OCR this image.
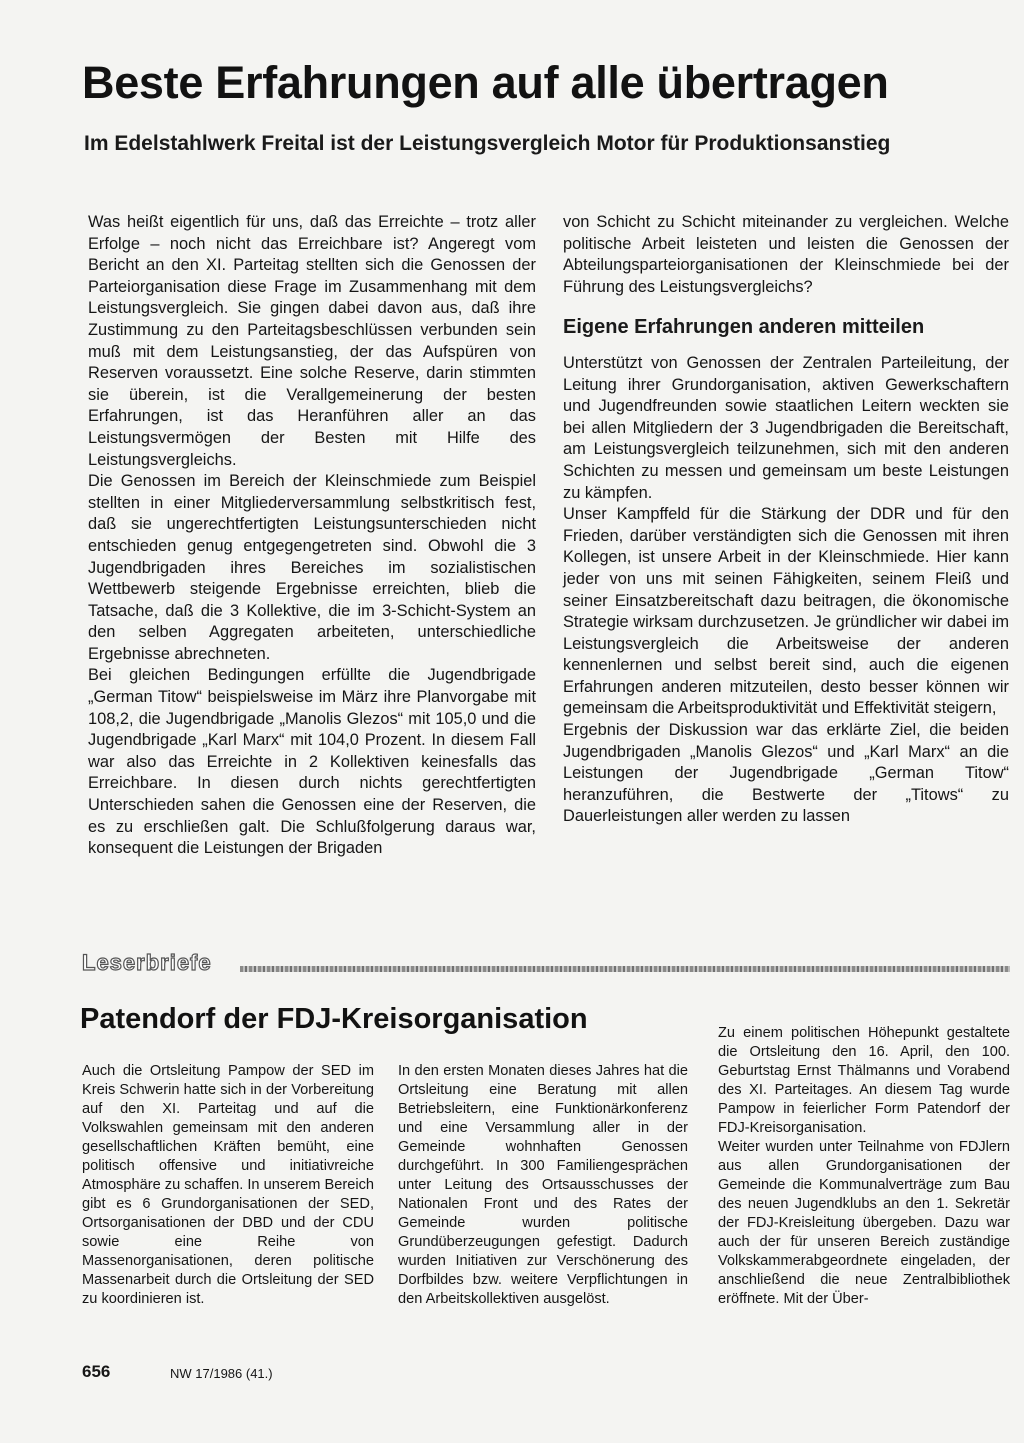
Beste Erfahrungen auf alle übertragen
Im Edelstahlwerk Freital ist der Leistungsvergleich Motor für Produktionsanstieg

Was heißt eigentlich für uns, daß das Erreichte – trotz aller Erfolge – noch nicht das Erreichbare ist? Angeregt vom Bericht an den XI. Parteitag stellten sich die Genossen der Parteiorganisation diese Frage im Zusammenhang mit dem Leistungsvergleich. Sie gingen dabei davon aus, daß ihre Zustimmung zu den Parteitagsbeschlüssen verbunden sein muß mit dem Leistungsanstieg, der das Aufspüren von Reserven voraussetzt. Eine solche Reserve, darin stimmten sie überein, ist die Verallgemeinerung der besten Erfahrungen, ist das Heranführen aller an das Leistungsvermögen der Besten mit Hilfe des Leistungsvergleichs.

Die Genossen im Bereich der Kleinschmiede zum Beispiel stellten in einer Mitgliederversammlung selbstkritisch fest, daß sie ungerechtfertigten Leistungsunterschieden nicht entschieden genug entgegengetreten sind. Obwohl die 3 Jugendbrigaden ihres Bereiches im sozialistischen Wettbewerb steigende Ergebnisse erreichten, blieb die Tatsache, daß die 3 Kollektive, die im 3-Schicht-System an den selben Aggregaten arbeiteten, unterschiedliche Ergebnisse abrechneten.

Bei gleichen Bedingungen erfüllte die Jugendbrigade „German Titow“ beispielsweise im März ihre Planvorgabe mit 108,2, die Jugendbrigade „Manolis Glezos“ mit 105,0 und die Jugendbrigade „Karl Marx“ mit 104,0 Prozent. In diesem Fall war also das Erreichte in 2 Kollektiven keinesfalls das Erreichbare. In diesen durch nichts gerechtfertigten Unterschieden sahen die Genossen eine der Reserven, die es zu erschließen galt. Die Schlußfolgerung daraus war, konsequent die Leistungen der Brigaden

von Schicht zu Schicht miteinander zu vergleichen. Welche politische Arbeit leisteten und leisten die Genossen der Abteilungsparteiorganisationen der Kleinschmiede bei der Führung des Leistungsvergleichs?

Eigene Erfahrungen anderen mitteilen

Unterstützt von Genossen der Zentralen Parteileitung, der Leitung ihrer Grundorganisation, aktiven Gewerkschaftern und Jugendfreunden sowie staatlichen Leitern weckten sie bei allen Mitgliedern der 3 Jugendbrigaden die Bereitschaft, am Leistungsvergleich teilzunehmen, sich mit den anderen Schichten zu messen und gemeinsam um beste Leistungen zu kämpfen.

Unser Kampffeld für die Stärkung der DDR und für den Frieden, darüber verständigten sich die Genossen mit ihren Kollegen, ist unsere Arbeit in der Kleinschmiede. Hier kann jeder von uns mit seinen Fähigkeiten, seinem Fleiß und seiner Einsatzbereitschaft dazu beitragen, die ökonomische Strategie wirksam durchzusetzen. Je gründlicher wir dabei im Leistungsvergleich die Arbeitsweise der anderen kennenlernen und selbst bereit sind, auch die eigenen Erfahrungen anderen mitzuteilen, desto besser können wir gemeinsam die Arbeitsproduktivität und Effektivität steigern,

Ergebnis der Diskussion war das erklärte Ziel, die beiden Jugendbrigaden „Manolis Glezos“ und „Karl Marx“ an die Leistungen der Jugendbrigade „German Titow“ heranzuführen, die Bestwerte der „Titows“ zu Dauerleistungen aller werden zu lassen

Leserbriefe
Patendorf der FDJ-Kreisorganisation

Auch die Ortsleitung Pampow der SED im Kreis Schwerin hatte sich in der Vorbereitung auf den XI. Parteitag und auf die Volkswahlen gemeinsam mit den anderen gesellschaftlichen Kräften bemüht, eine politisch offensive und initiativreiche Atmosphäre zu schaffen. In unserem Bereich gibt es 6 Grundorganisationen der SED, Ortsorganisationen der DBD und der CDU sowie eine Reihe von Massenorganisationen, deren politische Massenarbeit durch die Ortsleitung der SED zu koordinieren ist.

In den ersten Monaten dieses Jahres hat die Ortsleitung eine Beratung mit allen Betriebsleitern, eine Funktionärkonferenz und eine Versammlung aller in der Gemeinde wohnhaften Genossen durchgeführt. In 300 Familiengesprächen unter Leitung des Ortsausschusses der Nationalen Front und des Rates der Gemeinde wurden politische Grundüberzeugungen gefestigt. Dadurch wurden Initiativen zur Verschönerung des Dorfbildes bzw. weitere Verpflichtungen in den Arbeitskollektiven ausgelöst.

Zu einem politischen Höhepunkt gestaltete die Ortsleitung den 16. April, den 100. Geburtstag Ernst Thälmanns und Vorabend des XI. Parteitages. An diesem Tag wurde Pampow in feierlicher Form Patendorf der FDJ-Kreisorganisation.

Weiter wurden unter Teilnahme von FDJlern aus allen Grundorganisationen der Gemeinde die Kommunalverträge zum Bau des neuen Jugendklubs an den 1. Sekretär der FDJ-Kreisleitung übergeben. Dazu war auch der für unseren Bereich zuständige Volkskammerabgeordnete eingeladen, der anschließend die neue Zentralbibliothek eröffnete. Mit der Über-

656	NW 17/1986 (41.)
